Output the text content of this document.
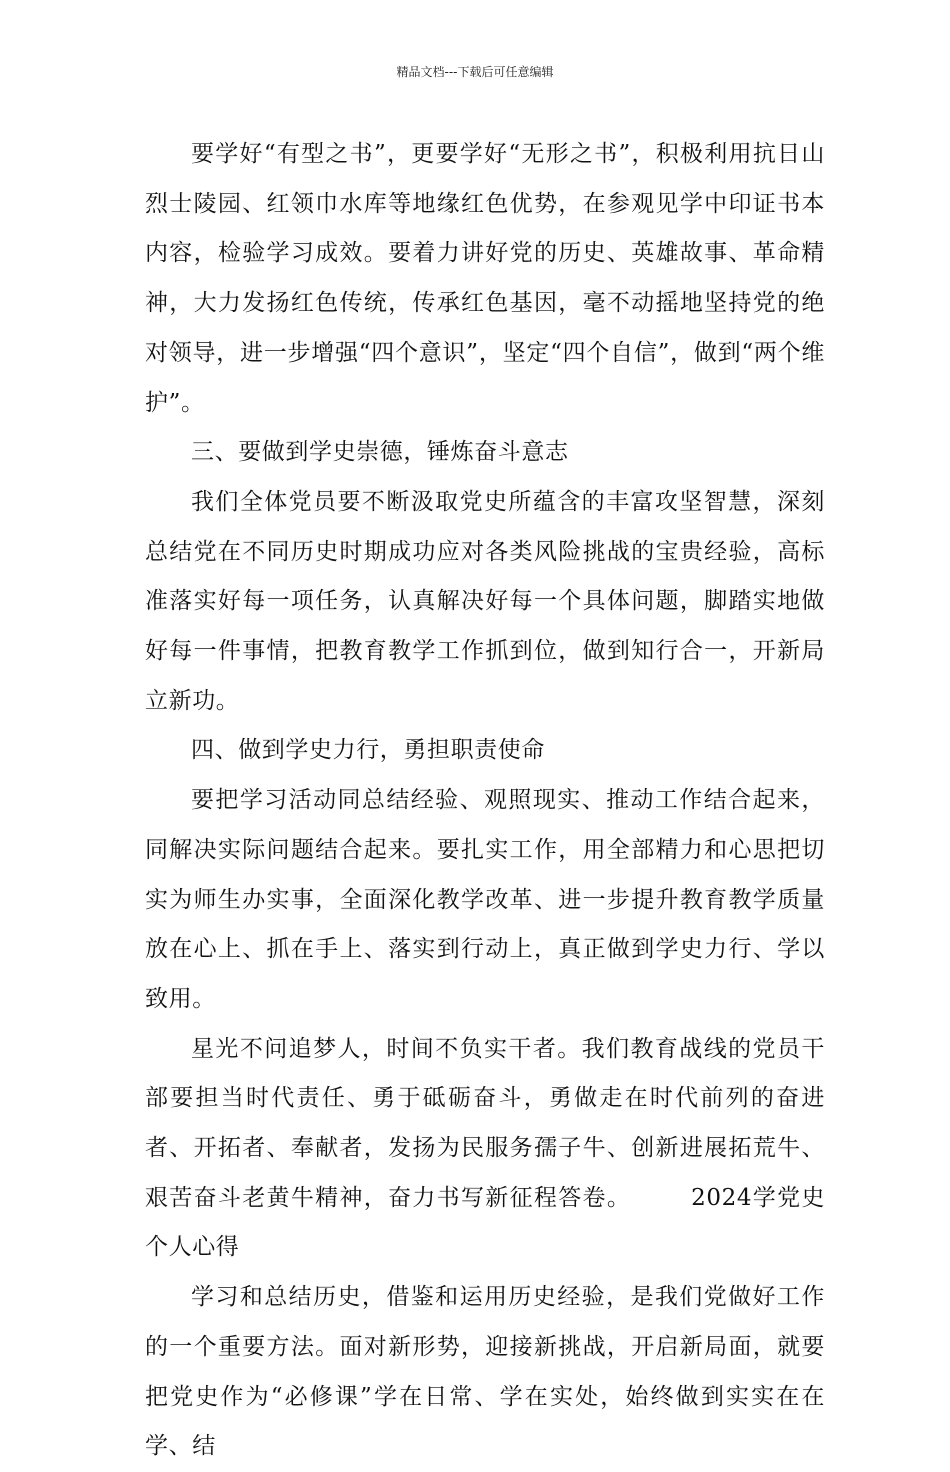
精品文档---下载后可任意编辑

要学好“有型之书”，更要学好“无形之书”，积极利用抗日山烈士陵园、红领巾水库等地缘红色优势，在参观见学中印证书本内容，检验学习成效。要着力讲好党的历史、英雄故事、革命精神，大力发扬红色传统，传承红色基因，毫不动摇地坚持党的绝对领导，进一步增强“四个意识”，坚定“四个自信”，做到“两个维护”。

三、要做到学史崇德，锤炼奋斗意志

我们全体党员要不断汲取党史所蕴含的丰富攻坚智慧，深刻总结党在不同历史时期成功应对各类风险挑战的宝贵经验，高标准落实好每一项任务，认真解决好每一个具体问题，脚踏实地做好每一件事情，把教育教学工作抓到位，做到知行合一，开新局立新功。

四、做到学史力行，勇担职责使命

要把学习活动同总结经验、观照现实、推动工作结合起来，同解决实际问题结合起来。要扎实工作，用全部精力和心思把切实为师生办实事，全面深化教学改革、进一步提升教育教学质量放在心上、抓在手上、落实到行动上，真正做到学史力行、学以致用。

星光不问追梦人，时间不负实干者。我们教育战线的党员干部要担当时代责任、勇于砥砺奋斗，勇做走在时代前列的奋进者、开拓者、奉献者，发扬为民服务孺子牛、创新进展拓荒牛、艰苦奋斗老黄牛精神，奋力书写新征程答卷。	2024学党史个人心得

学习和总结历史，借鉴和运用历史经验，是我们党做好工作的一个重要方法。面对新形势，迎接新挑战，开启新局面，就要把党史作为“必修课”学在日常、学在实处，始终做到实实在在学、结
